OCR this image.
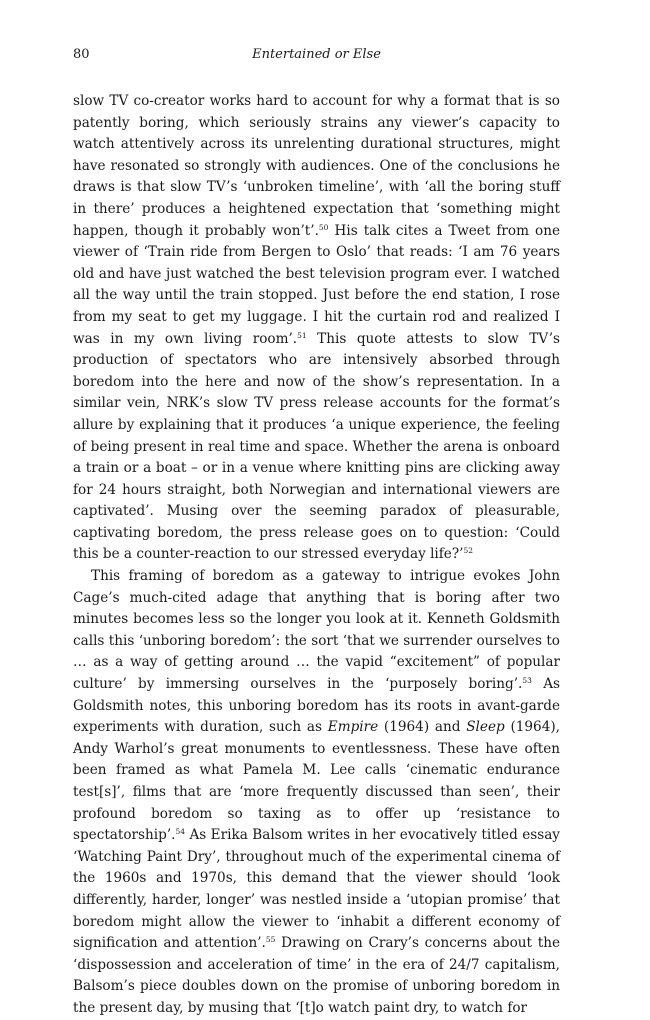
80	Entertained or Else

slow TV co-creator works hard to account for why a format that is so patently boring, which seriously strains any viewer’s capacity to watch attentively across its unrelenting durational structures, might have resonated so strongly with audiences. One of the conclusions he draws is that slow TV’s ‘unbroken timeline’, with ‘all the boring stuff in there’ produces a heightened expectation that ‘something might happen, though it probably won’t’.$^{50}$ His talk cites a Tweet from one viewer of ‘Train ride from Bergen to Oslo’ that reads: ‘I am 76 years old and have just watched the best television program ever. I watched all the way until the train stopped. Just before the end station, I rose from my seat to get my luggage. I hit the curtain rod and realized I was in my own living room’.$^{51}$ This quote attests to slow TV’s production of spectators who are intensively absorbed through boredom into the here and now of the show’s representation. In a similar vein, NRK’s slow TV press release accounts for the format’s allure by explaining that it produces ‘a unique experience, the feeling of being present in real time and space. Whether the arena is onboard a train or a boat – or in a venue where knitting pins are clicking away for 24 hours straight, both Norwegian and international viewers are captivated’. Musing over the seeming paradox of pleasurable, captivating boredom, the press release goes on to question: ‘Could this be a counter-reaction to our stressed everyday life?’$^{52}$

This framing of boredom as a gateway to intrigue evokes John Cage’s much-cited adage that anything that is boring after two minutes becomes less so the longer you look at it. Kenneth Goldsmith calls this ‘unboring boredom’: the sort ‘that we surrender ourselves to … as a way of getting around … the vapid “excitement” of popular culture’ by immersing ourselves in the ‘purposely boring’.$^{53}$ As Goldsmith notes, this unboring boredom has its roots in avant-garde experiments with duration, such as Empire (1964) and Sleep (1964), Andy Warhol’s great monuments to eventlessness. These have often been framed as what Pamela M. Lee calls ‘cinematic endurance test[s]’, films that are ‘more frequently discussed than seen’, their profound boredom so taxing as to offer up ‘resistance to spectatorship’.$^{54}$ As Erika Balsom writes in her evocatively titled essay ‘Watching Paint Dry’, throughout much of the experimental cinema of the 1960s and 1970s, this demand that the viewer should ‘look differently, harder, longer’ was nestled inside a ‘utopian promise’ that boredom might allow the viewer to ‘inhabit a different economy of signification and attention’.$^{55}$ Drawing on Crary’s concerns about the ‘dispossession and acceleration of time’ in the era of 24/7 capitalism, Balsom’s piece doubles down on the promise of unboring boredom in the present day, by musing that ‘[t]o watch paint dry, to watch for
